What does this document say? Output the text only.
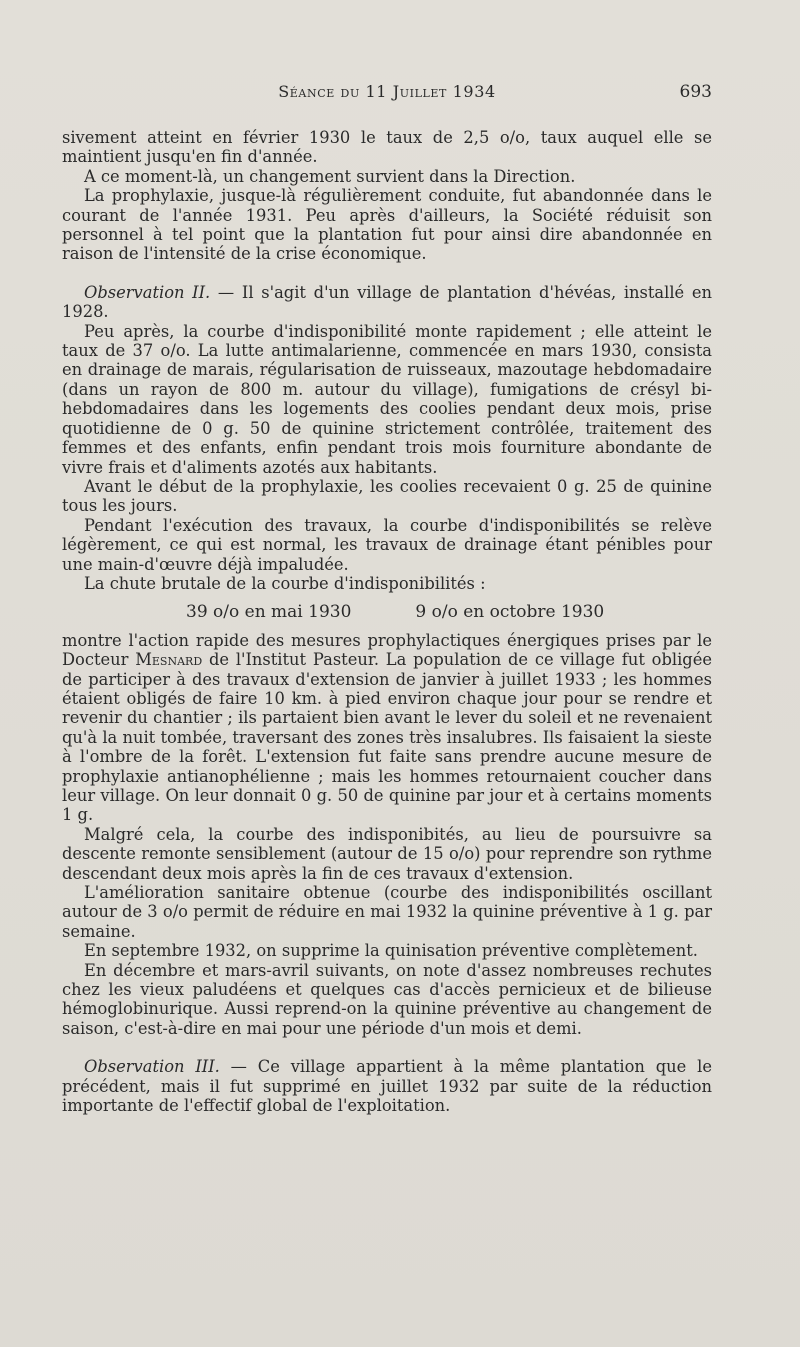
Séance du 11 Juillet 1934	693

sivement atteint en février 1930 le taux de 2,5 o/o, taux auquel elle se maintient jusqu'en fin d'année.

A ce moment-là, un changement survient dans la Direction.

La prophylaxie, jusque-là régulièrement conduite, fut abandonnée dans le courant de l'année 1931. Peu après d'ailleurs, la Société réduisit son personnel à tel point que la plantation fut pour ainsi dire abandonnée en raison de l'intensité de la crise économique.

Observation II. — Il s'agit d'un village de plantation d'hévéas, installé en 1928.

Peu après, la courbe d'indisponibilité monte rapidement ; elle atteint le taux de 37 o/o. La lutte antimalarienne, commencée en mars 1930, consista en drainage de marais, régularisation de ruisseaux, mazoutage hebdomadaire (dans un rayon de 800 m. autour du village), fumigations de crésyl bi-hebdomadaires dans les logements des coolies pendant deux mois, prise quotidienne de 0 g. 50 de quinine strictement contrôlée, traitement des femmes et des enfants, enfin pendant trois mois fourniture abondante de vivre frais et d'aliments azotés aux habitants.

Avant le début de la prophylaxie, les coolies recevaient 0 g. 25 de quinine tous les jours.

Pendant l'exécution des travaux, la courbe d'indisponibilités se relève légèrement, ce qui est normal, les travaux de drainage étant pénibles pour une main-d'œuvre déjà impaludée.

La chute brutale de la courbe d'indisponibilités :

39 o/o en mai 1930	9 o/o en octobre 1930

montre l'action rapide des mesures prophylactiques énergiques prises par le Docteur Mesnard de l'Institut Pasteur. La population de ce village fut obligée de participer à des travaux d'extension de janvier à juillet 1933 ; les hommes étaient obligés de faire 10 km. à pied environ chaque jour pour se rendre et revenir du chantier ; ils partaient bien avant le lever du soleil et ne revenaient qu'à la nuit tombée, traversant des zones très insalubres. Ils faisaient la sieste à l'ombre de la forêt. L'extension fut faite sans prendre aucune mesure de prophylaxie antianophélienne ; mais les hommes retournaient coucher dans leur village. On leur donnait 0 g. 50 de quinine par jour et à certains moments 1 g.

Malgré cela, la courbe des indisponibités, au lieu de poursuivre sa descente remonte sensiblement (autour de 15 o/o) pour reprendre son rythme descendant deux mois après la fin de ces travaux d'extension.

L'amélioration sanitaire obtenue (courbe des indisponibilités oscillant autour de 3 o/o permit de réduire en mai 1932 la quinine préventive à 1 g. par semaine.

En septembre 1932, on supprime la quinisation préventive complètement.

En décembre et mars-avril suivants, on note d'assez nombreuses rechutes chez les vieux paludéens et quelques cas d'accès pernicieux et de bilieuse hémoglobinurique. Aussi reprend-on la quinine préventive au changement de saison, c'est-à-dire en mai pour une période d'un mois et demi.

Observation III. — Ce village appartient à la même plantation que le précédent, mais il fut supprimé en juillet 1932 par suite de la réduction importante de l'effectif global de l'exploitation.
